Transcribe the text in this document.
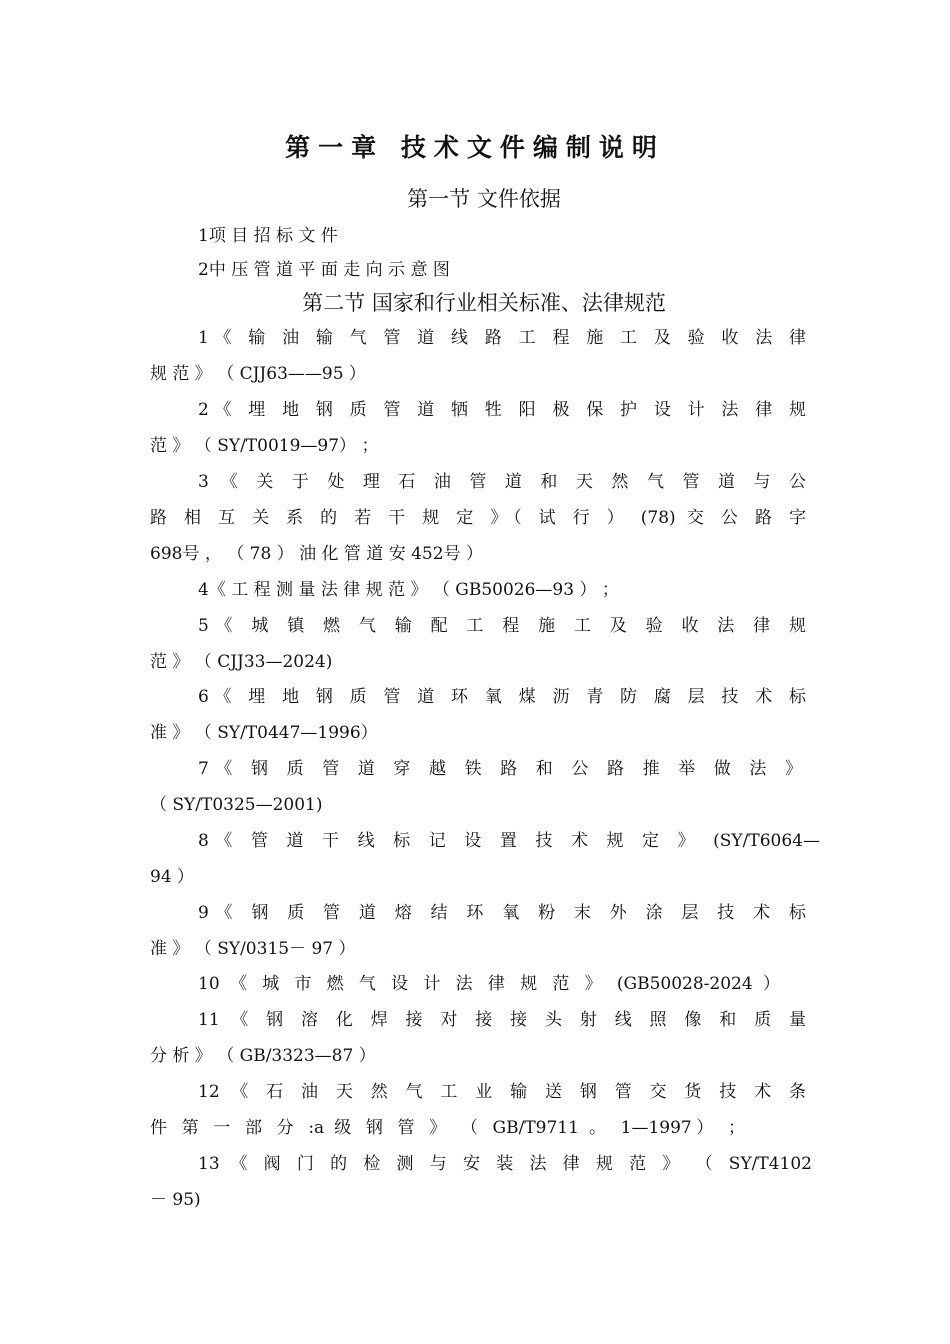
第一章 技术文件编制说明
第一节 文件依据
1项 目 招 标 文 件
2中 压 管 道 平 面 走 向 示 意 图
第二节 国家和行业相关标准、法律规范
1《 输 油 输 气 管 道 线 路 工 程 施 工 及 验 收 法 律
规 范 》 （ CJJ63——95 ）
2《 埋 地 钢 质 管 道 牺 牲 阳 极 保 护 设 计 法 律 规
范 》 （ SY/T0019—97） ；
3 《 关 于 处 理 石 油 管 道 和 天 然 气 管 道 与 公
路 相 互 关 系 的 若 干 规 定 》（ 试 行 ） (78) 交 公 路 字
698号 ， （ 78 ） 油 化 管 道 安 452号 ）
4《 工 程 测 量 法 律 规 范 》 （ GB50026—93 ） ；
5《 城 镇 燃 气 输 配 工 程 施 工 及 验 收 法 律 规
范 》 （ CJJ33—2024)
6《 埋 地 钢 质 管 道 环 氧 煤 沥 青 防 腐 层 技 术 标
准 》 （ SY/T0447—1996）
7《 钢 质 管 道 穿 越 铁 路 和 公 路 推 举 做 法 》
（ SY/T0325—2001)
8《 管 道 干 线 标 记 设 置 技 术 规 定 》 (SY/T6064—
94 ）
9《 钢 质 管 道 熔 结 环 氧 粉 末 外 涂 层 技 术 标
准 》 （ SY/0315－ 97 ）
10 《 城 市 燃 气 设 计 法 律 规 范 》 (GB50028-2024 ）
11 《 钢 溶 化 焊 接 对 接 接 头 射 线 照 像 和 质 量
分 析 》 （ GB/3323—87 ）
12 《 石 油 天 然 气 工 业 输 送 钢 管 交 货 技 术 条
件 第 一 部 分 :a 级 钢 管 》 （ GB/T9711 。 1—1997） ；
13 《 阀 门 的 检 测 与 安 装 法 律 规 范 》 （ SY/T4102
－ 95)
